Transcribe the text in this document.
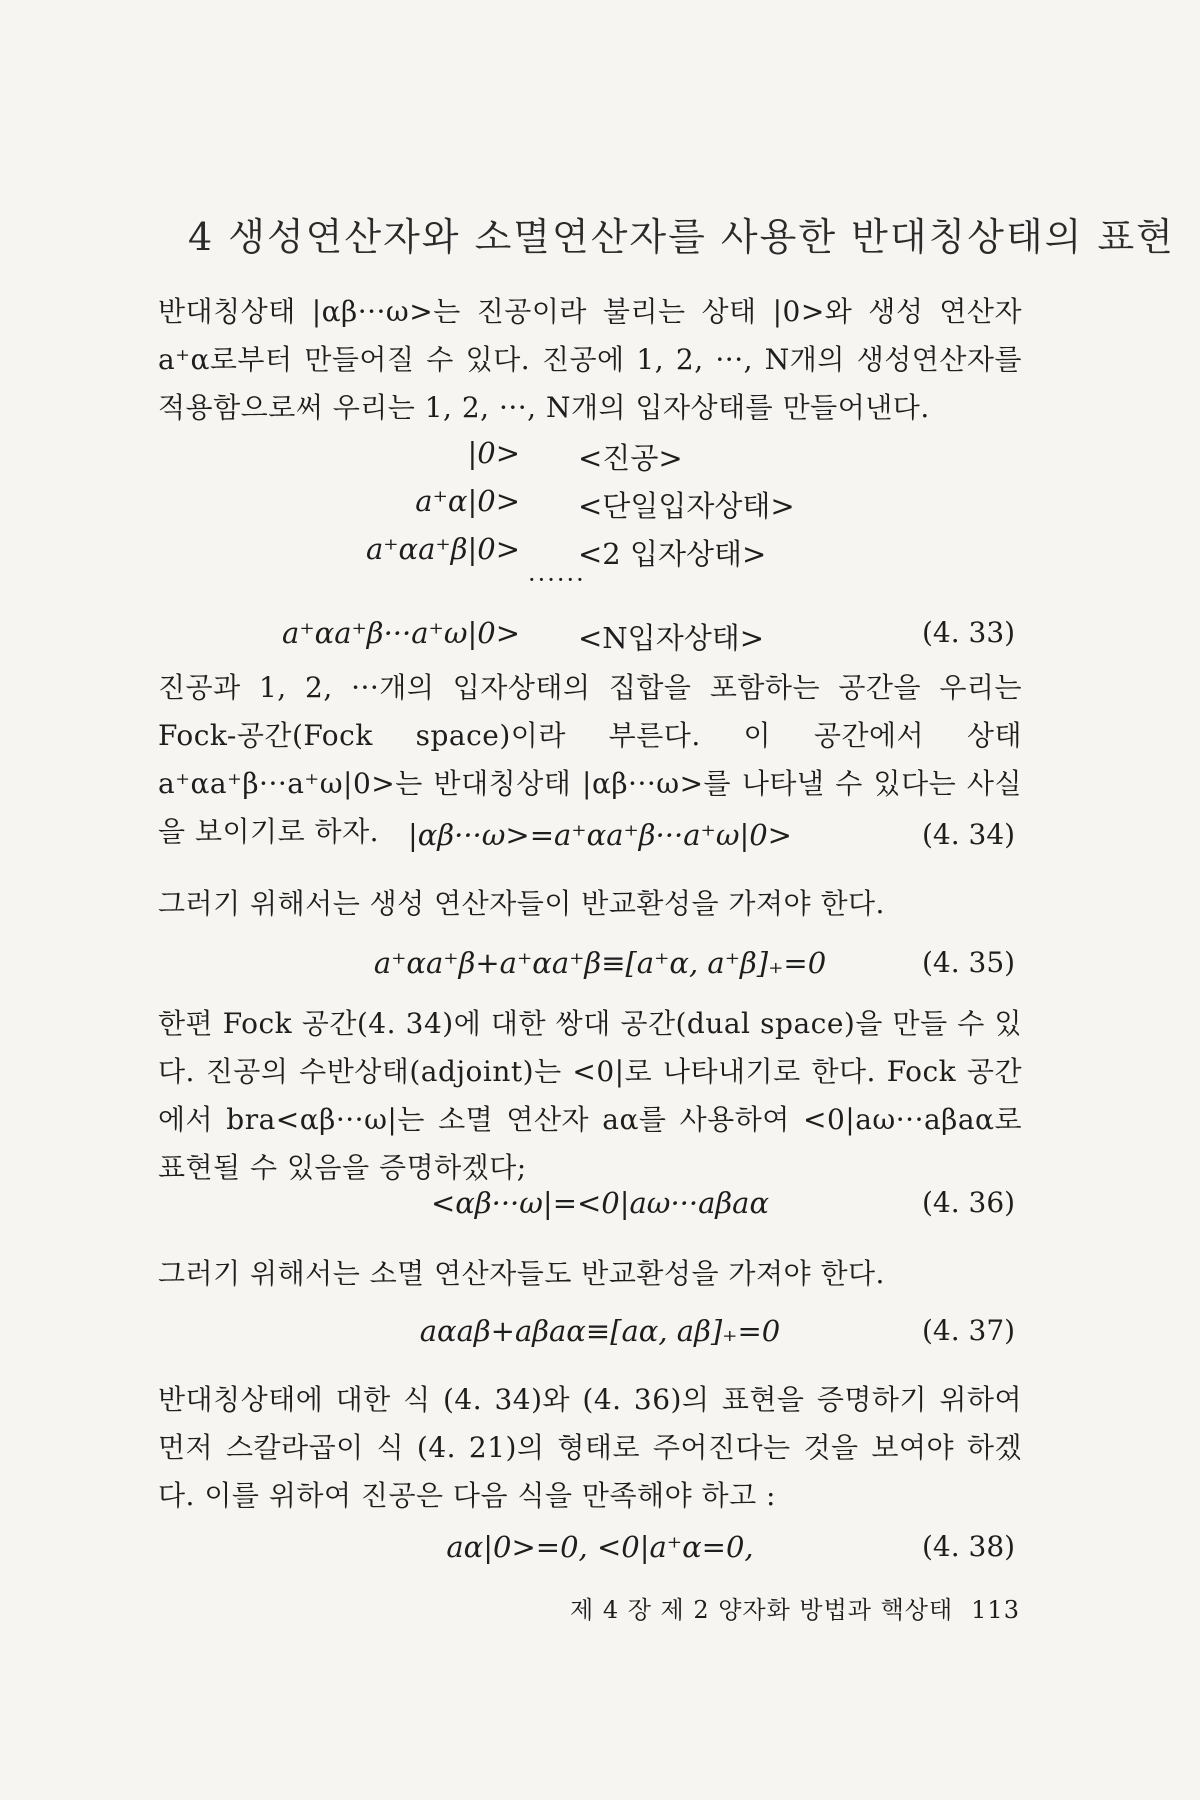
4 생성연산자와 소멸연산자를 사용한 반대칭상태의 표현
반대칭상태 |αβ···ω>는 진공이라 불리는 상태 |0>와 생성 연산자 a⁺α로부터 만들어질 수 있다. 진공에 1, 2, ···, N개의 생성연산자를 적용함으로써 우리는 1, 2, ···, N개의 입자상태를 만들어낸다.
|0> <진공>
a⁺α|0> <단일입자상태>
a⁺αa⁺β|0> <2 입자상태>
······
a⁺αa⁺β···a⁺ω|0> <N입자상태>	(4. 33)
진공과 1, 2, ···개의 입자상태의 집합을 포함하는 공간을 우리는 Fock-공간(Fock space)이라 부른다. 이 공간에서 상태 a⁺αa⁺β···a⁺ω|0>는 반대칭상태 |αβ···ω>를 나타낼 수 있다는 사실을 보이기로 하자. |αβ···ω>=a⁺αa⁺β···a⁺ω|0>	(4. 34)
그러기 위해서는 생성 연산자들이 반교환성을 가져야 한다.
a⁺αa⁺β+a⁺αa⁺β≡[a⁺α, a⁺β]₊=0	(4. 35)
한편 Fock 공간(4. 34)에 대한 쌍대 공간(dual space)을 만들 수 있다. 진공의 수반상태(adjoint)는 <0|로 나타내기로 한다. Fock 공간에서 bra<αβ···ω|는 소멸 연산자 aα를 사용하여 <0|aω···aβaα로 표현될 수 있음을 증명하겠다;
<αβ···ω|=<0|aω···aβaα	(4. 36)
그러기 위해서는 소멸 연산자들도 반교환성을 가져야 한다.
aαaβ+aβaα≡[aα, aβ]₊=0	(4. 37)
반대칭상태에 대한 식 (4. 34)와 (4. 36)의 표현을 증명하기 위하여 먼저 스칼라곱이 식 (4. 21)의 형태로 주어진다는 것을 보여야 하겠다. 이를 위하여 진공은 다음 식을 만족해야 하고 :
aα|0>=0, <0|a⁺α=0,	(4. 38)
제 4 장 제 2 양자화 방법과 핵상태 113
